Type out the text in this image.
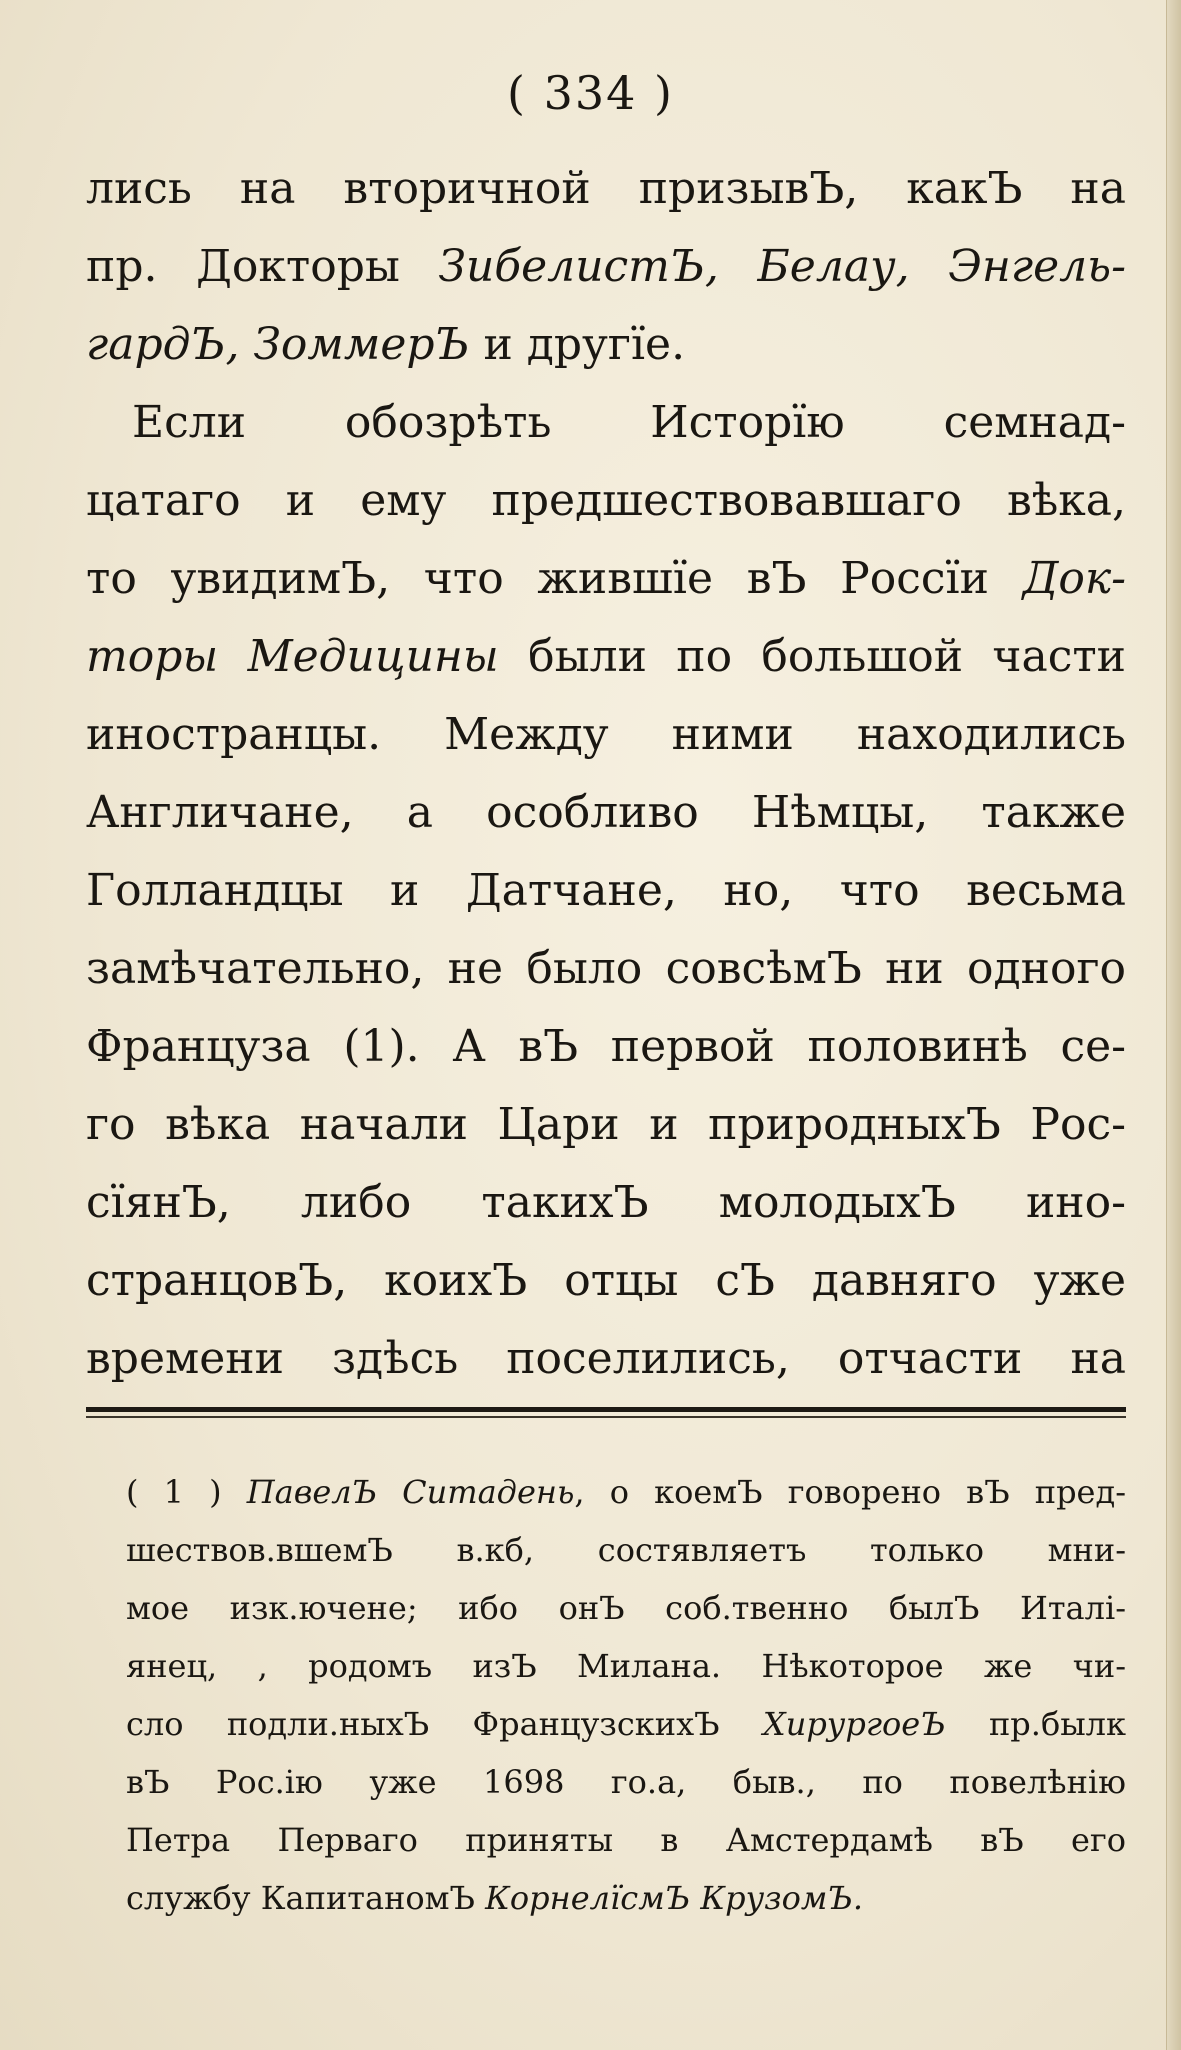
( 334 )
лись на вторичной призывЪ, какЪ на
пр. Докторы ЗибелистЪ, Белау, Энгель-
гардЪ, ЗоммерЪ и другїе.
Если обозрѣть Исторїю семнад-
цатаго и ему предшествовавшаго вѣка,
то увидимЪ, что жившїе вЪ Россїи Док-
торы Медицины были по большой части
иностранцы. Между ними находились
Англичане, а особливо Нѣмцы, также
Голландцы и Датчане, но, что весьма
замѣчательно, не было совсѣмЪ ни одного
Француза (1). А вЪ первой половинѣ се-
го вѣка начали Цари и природныхЪ Рос-
сїянЪ, либо такихЪ молодыхЪ ино-
странцовЪ, коихЪ отцы сЪ давняго уже
времени здѣсь поселились, отчасти на
( 1 ) ПавелЪ Ситадень, о коемЪ говорено вЪ пред-
шествов.вшемЪ в.кб, состявляетъ только мни-
мое изк.ючене; ибо онЪ соб.твенно былЪ Италі-
янец, , родомъ изЪ Милана. Нѣкоторое же чи-
сло подли.ныхЪ ФранцузскихЪ ХирургоеЪ пр.былк
вЪ Рос.ію уже 1698 го.а, быв., по повелѣнію
Петра Перваго приняты в Амстердамѣ вЪ его
службу КапитаномЪ КорнелїсмЪ КрузомЪ.
